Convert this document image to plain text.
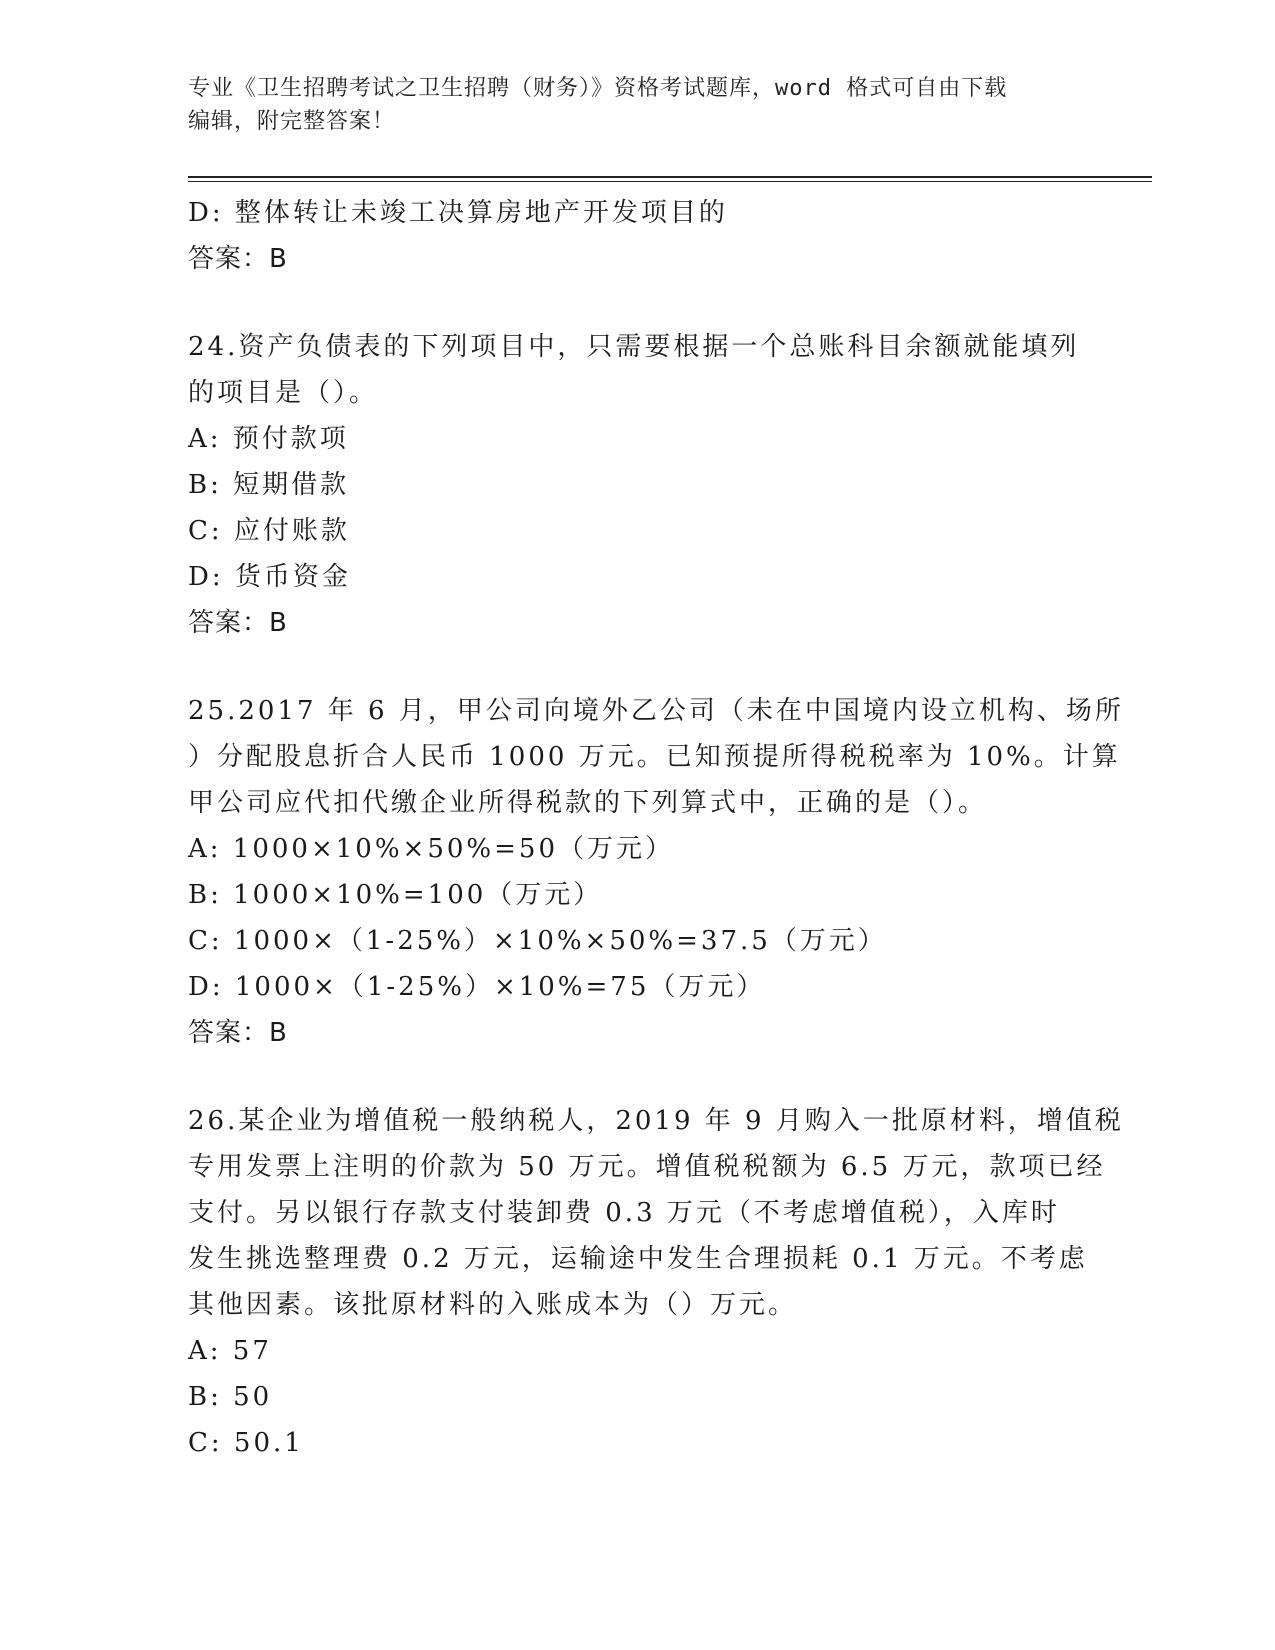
专业《卫生招聘考试之卫生招聘（财务）》资格考试题库，word 格式可自由下载
编辑，附完整答案！
D: 整体转让未竣工决算房地产开发项目的
答案：B
24.资产负债表的下列项目中，只需要根据一个总账科目余额就能填列
的项目是（）。
A: 预付款项
B: 短期借款
C: 应付账款
D: 货币资金
答案：B
25.2017 年 6 月，甲公司向境外乙公司（未在中国境内设立机构、场所
）分配股息折合人民币 1000 万元。已知预提所得税税率为 10%。计算
甲公司应代扣代缴企业所得税款的下列算式中，正确的是（）。
A: 1000×10%×50%=50（万元）
B: 1000×10%=100（万元）
C: 1000×（1-25%）×10%×50%=37.5（万元）
D: 1000×（1-25%）×10%=75（万元）
答案：B
26.某企业为增值税一般纳税人，2019 年 9 月购入一批原材料，增值税
专用发票上注明的价款为 50 万元。增值税税额为 6.5 万元，款项已经
支付。另以银行存款支付装卸费 0.3 万元（不考虑增值税），入库时
发生挑选整理费 0.2 万元，运输途中发生合理损耗 0.1 万元。不考虑
其他因素。该批原材料的入账成本为（）万元。
A: 57
B: 50
C: 50.1
